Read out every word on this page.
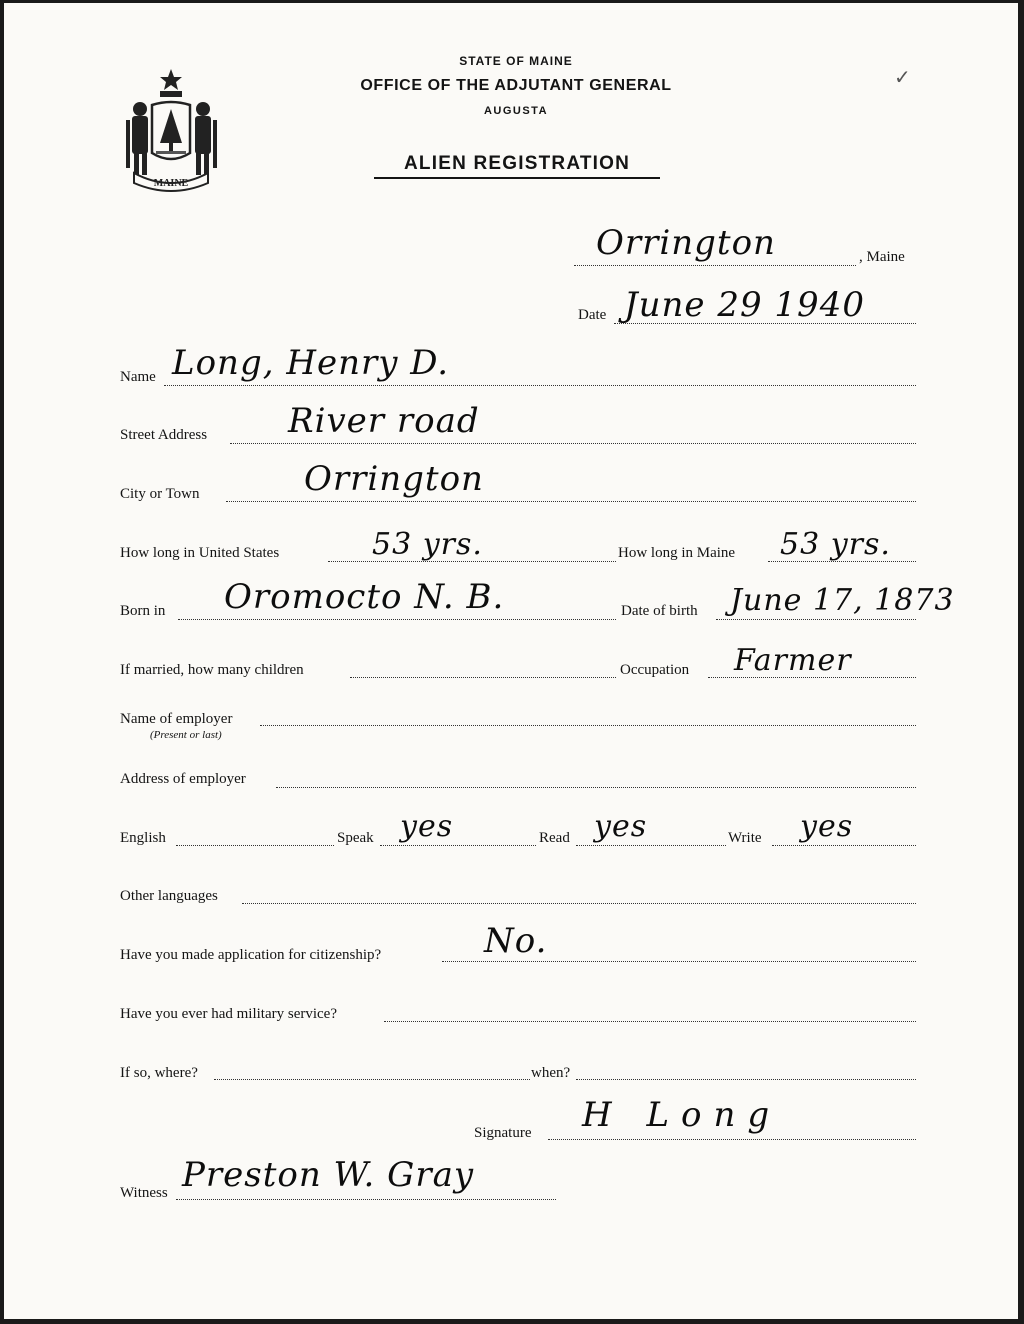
MAINE
STATE OF MAINE
OFFICE OF THE ADJUTANT GENERAL
AUGUSTA
ALIEN REGISTRATION
✓
Orrington	, Maine
Date June 29 1940
Name Long, Henry D.
Street Address River road
City or Town	Orrington
How long in United States	53 yrs.	How long in Maine 53 yrs.
Born in Oromocto N. B.	Date of birth June 17, 1873
If married, how many children	Occupation Farmer
Name of employer
(Present or last)
Address of employer
English	Speak yes	Read yes	Write yes
Other languages
Have you made application for citizenship?	No.
Have you ever had military service?
If so, where?	when?
Signature H Long
Witness Preston W. Gray
